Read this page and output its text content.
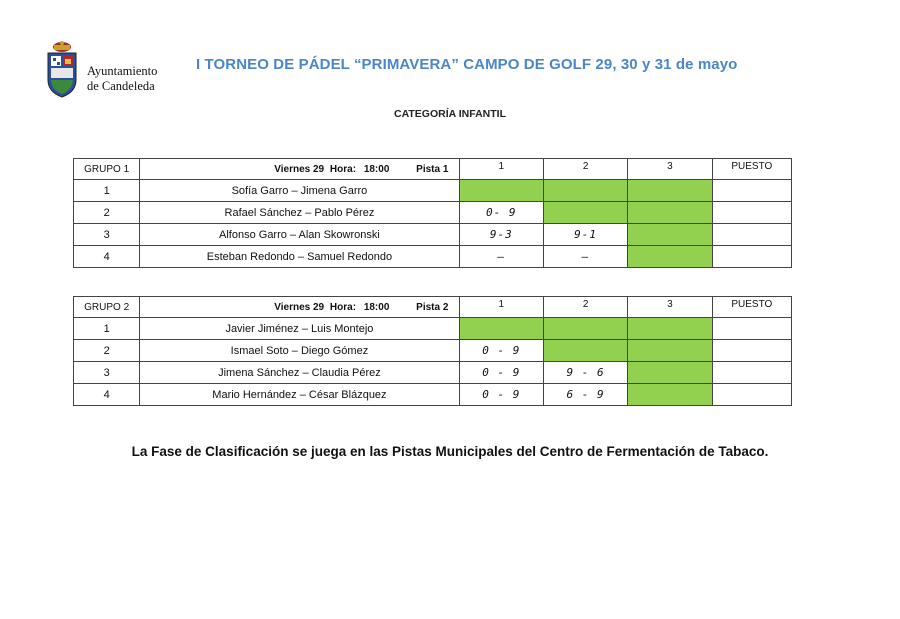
Ayuntamiento
de Candeleda
I TORNEO DE PÁDEL “PRIMAVERA” CAMPO DE GOLF 29, 30 y 31 de mayo
CATEGORÍA INFANTIL
GRUPO 1	Viernes 29 Hora: 18:00 Pista 1	1	2	3	PUESTO
1	Sofía Garro – Jimena Garro				
2	Rafael Sánchez – Pablo Pérez	0- 9			
3	Alfonso Garro – Alan Skowronski	9-3	9-1		
4	Esteban Redondo – Samuel Redondo	—	—		
GRUPO 2	Viernes 29 Hora: 18:00 Pista 2	1	2	3	PUESTO
1	Javier Jiménez – Luis Montejo				
2	Ismael Soto – Diego Gómez	0 - 9			
3	Jimena Sánchez – Claudia Pérez	0 - 9	9 - 6		
4	Mario Hernández – César Blázquez	0 - 9	6 - 9		
La Fase de Clasificación se juega en las Pistas Municipales del Centro de Fermentación de Tabaco.
